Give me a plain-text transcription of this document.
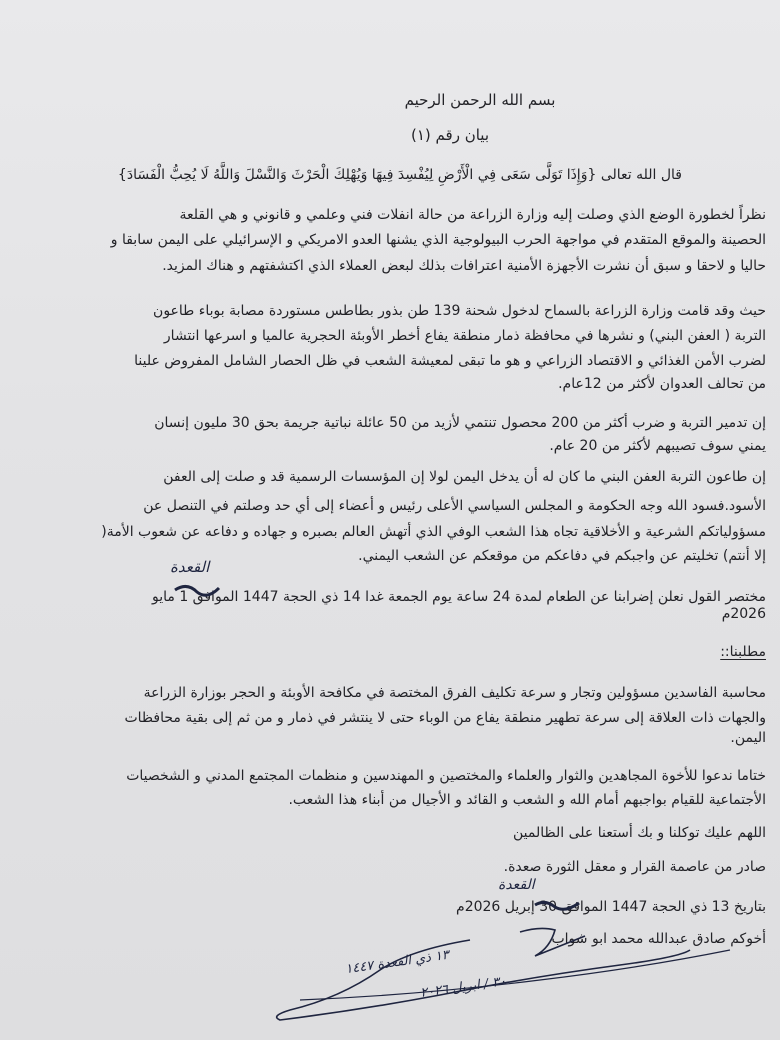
بسم الله الرحمن الرحيم
بيان رقم (١)
قال الله تعالى {وَإِذَا تَوَلَّى سَعَى فِي الْأَرْضِ لِيُفْسِدَ فِيهَا وَيُهْلِكَ الْحَرْثَ وَالنَّسْلَ وَاللَّهُ لَا يُحِبُّ الْفَسَادَ}
نظراً لخطورة الوضع الذي وصلت إليه وزارة الزراعة من حالة انفلات فني وعلمي و قانوني و هي القلعة
الحصينة والموقع المتقدم في مواجهة الحرب البيولوجية الذي يشنها العدو الامريكي و الإسرائيلي على اليمن سابقا و
حاليا و لاحقا و سبق أن نشرت الأجهزة الأمنية اعترافات بذلك لبعض العملاء الذي اكتشفتهم و هناك المزيد.
حيث وقد قامت وزارة الزراعة بالسماح لدخول شحنة 139 طن بذور بطاطس مستوردة مصابة بوباء طاعون
التربة ( العفن البني) و نشرها في محافظة ذمار منطقة يفاع أخطر الأوبئة الحجرية عالميا و اسرعها انتشار
لضرب الأمن الغذائي و الاقتصاد الزراعي و هو ما تبقى لمعيشة الشعب في ظل الحصار الشامل المفروض علينا
من تحالف العدوان لأكثر من 12عام.
إن تدمير التربة و ضرب أكثر من 200 محصول تنتمي لأزيد من 50 عائلة نباتية جريمة بحق 30 مليون إنسان
يمني سوف تصيبهم لأكثر من 20 عام.
إن طاعون التربة العفن البني ما كان له أن يدخل اليمن لولا إن المؤسسات الرسمية قد و صلت إلى العفن
الأسود.فسود الله وجه الحكومة و المجلس السياسي الأعلى رئيس و أعضاء إلى أي حد وصلتم في التنصل عن
مسؤولياتكم الشرعية و الأخلاقية تجاه هذا الشعب الوفي الذي أتهش العالم بصبره و جهاده و دفاعه عن شعوب الأمة(
إلا أنتم) تخليتم عن واجبكم في دفاعكم من موقعكم عن الشعب اليمني.
مختصر القول نعلن إضرابنا عن الطعام لمدة 24 ساعة يوم الجمعة غدا 14 ذي الحجة 1447 الموافق 1 مايو
2026م
مطلبنا::
محاسبة الفاسدين مسؤولين وتجار و سرعة تكليف الفرق المختصة في مكافحة الأوبئة و الحجر بوزارة الزراعة
والجهات ذات العلاقة إلى سرعة تطهير منطقة يفاع من الوباء حتى لا ينتشر في ذمار و من ثم إلى بقية محافظات
اليمن.
ختاما ندعوا للأخوة المجاهدين والثوار والعلماء والمختصين و المهندسين و منظمات المجتمع المدني و الشخصيات
الأجتماعية للقيام بواجبهم أمام الله و الشعب و القائد و الأجيال من أبناء هذا الشعب.
اللهم عليك توكلنا و بك أستعنا على الظالمين
صادر من عاصمة القرار و معقل الثورة صعدة.
بتاريخ 13 ذي الحجة 1447 الموافق 30 إبريل 2026م
أخوكم صادق عبدالله محمد ابو شواب
القعدة
القعدة
١٣ ذي القعدة ١٤٤٧
٣٠ / ابريل ٢٠٢٦
